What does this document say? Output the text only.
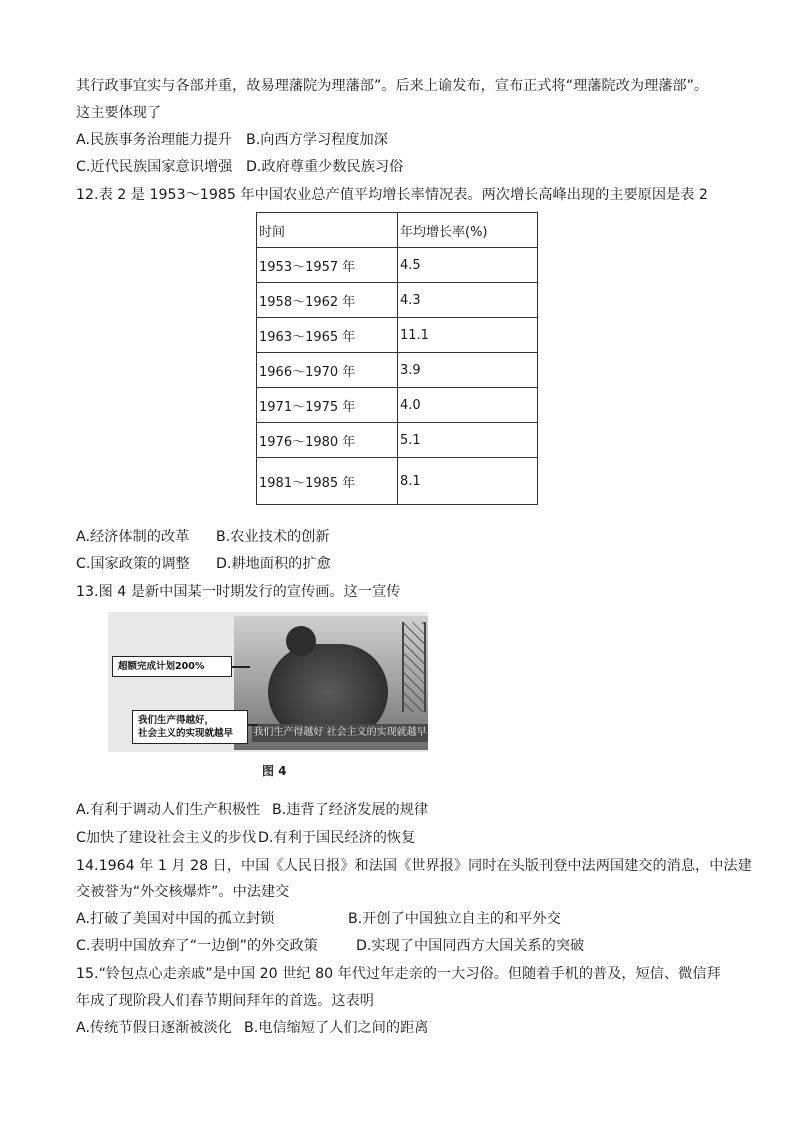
其行政事宜实与各部并重，故易理藩院为理藩部”。后来上谕发布，宣布正式将“理藩院改为理藩部”。
这主要体现了
A.民族事务治理能力提升 B.向西方学习程度加深
C.近代民族国家意识增强 D.政府尊重少数民族习俗
12.表 2 是 1953～1985 年中国农业总产值平均增长率情况表。两次增长高峰出现的主要原因是表 2
时间	年均增长率(%)
1953～1957 年	4.5
1958～1962 年	4.3
1963～1965 年	11.1
1966～1970 年	3.9
1971～1975 年	4.0
1976～1980 年	5.1
1981～1985 年	8.1
A.经济体制的改革 B.农业技术的创新
C.国家政策的调整 D.耕地面积的扩愈
13.图 4 是新中国某一时期发行的宣传画。这一宣传
我们生产得越好 社会主义的实现就越早
超额完成计划200%
我们生产得越好，
社会主义的实现就越早
图 4
A.有利于调动人们生产积极性 B.违背了经济发展的规律
C加快了建设社会主义的步伐 D.有利于国民经济的恢复
14.1964 年 1 月 28 日，中国《人民日报》和法国《世界报》同时在头版刊登中法两国建交的消息，中法建
交被誉为“外交核爆炸”。中法建交
A.打破了美国对中国的孤立封锁	B.开创了中国独立自主的和平外交
C.表明中国放弃了“一边倒”的外交政策	D.实现了中国同西方大国关系的突破
15.“铃包点心走亲戚”是中国 20 世纪 80 年代过年走亲的一大习俗。但随着手机的普及，短信、微信拜
年成了现阶段人们春节期间拜年的首选。这表明
A.传统节假日逐渐被淡化 B.电信缩短了人们之间的距离
